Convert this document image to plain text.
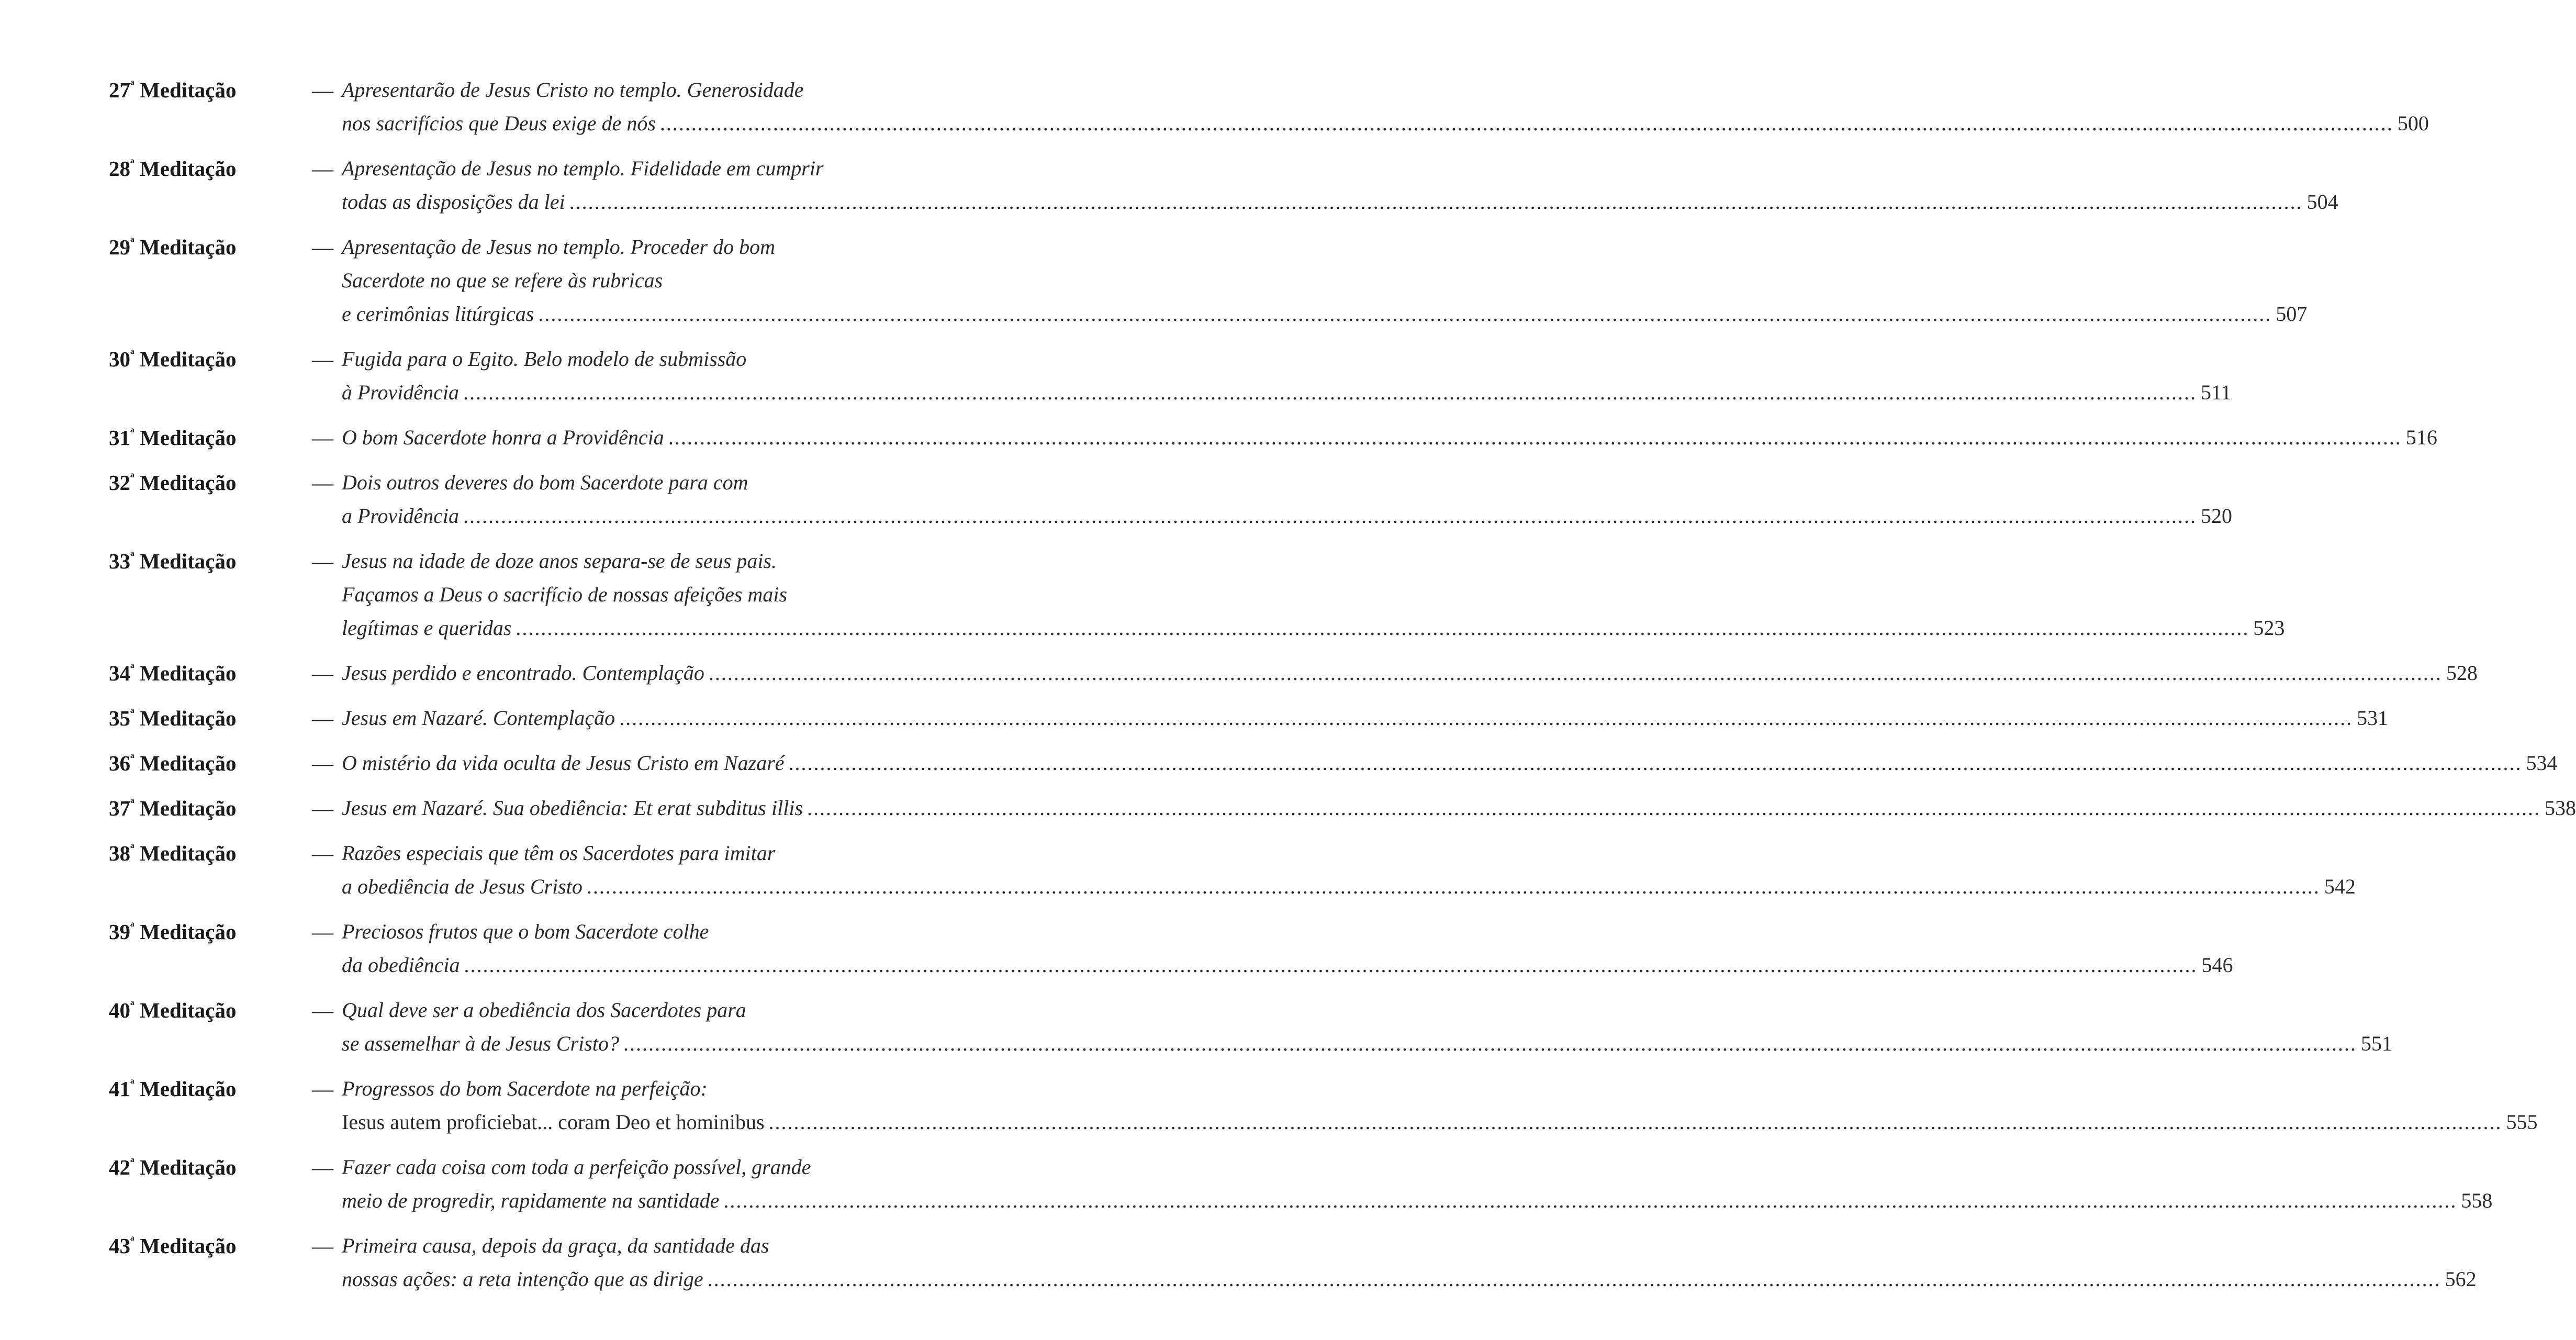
$27^ª$ Meditação	— Apresentarão de Jesus Cristo no templo. Generosidade
nos sacrifícios que Deus exige de nós .....	500
$28^ª$ Meditação	— Apresentação de Jesus no templo. Fidelidade em cumprir
todas as disposições da lei .....	504
$29^ª$ Meditação	— Apresentação de Jesus no templo. Proceder do bom
Sacerdote no que se refere às rubricas
e cerimônias litúrgicas .....	507
$30^ª$ Meditação	— Fugida para o Egito. Belo modelo de submissão
à Providência .....	511
$31^ª$ Meditação	— O bom Sacerdote honra a Providência .....	516
$32^ª$ Meditação	— Dois outros deveres do bom Sacerdote para com
a Providência .....	520
$33^ª$ Meditação	— Jesus na idade de doze anos separa-se de seus pais.
Façamos a Deus o sacrifício de nossas afeições mais
legítimas e queridas .....	523
$34^ª$ Meditação	— Jesus perdido e encontrado. Contemplação .....	528
$35^ª$ Meditação	— Jesus em Nazaré. Contemplação .....	531
$36^ª$ Meditação	— O mistério da vida oculta de Jesus Cristo em Nazaré .....	534
$37^ª$ Meditação	— Jesus em Nazaré. Sua obediência: Et erat subditus illis .....	538
$38^ª$ Meditação	— Razões especiais que têm os Sacerdotes para imitar
a obediência de Jesus Cristo .....	542
$39^ª$ Meditação	— Preciosos frutos que o bom Sacerdote colhe
da obediência .....	546
$40^ª$ Meditação	— Qual deve ser a obediência dos Sacerdotes para
se assemelhar à de Jesus Cristo? .....	551
$41^ª$ Meditação	— Progressos do bom Sacerdote na perfeição:
Iesus autem proficiebat... coram Deo et hominibus .....	555
$42^ª$ Meditação	— Fazer cada coisa com toda a perfeição possível, grande
meio de progredir, rapidamente na santidade .....	558
$43^ª$ Meditação	— Primeira causa, depois da graça, da santidade das
nossas ações: a reta intenção que as dirige .....	562
